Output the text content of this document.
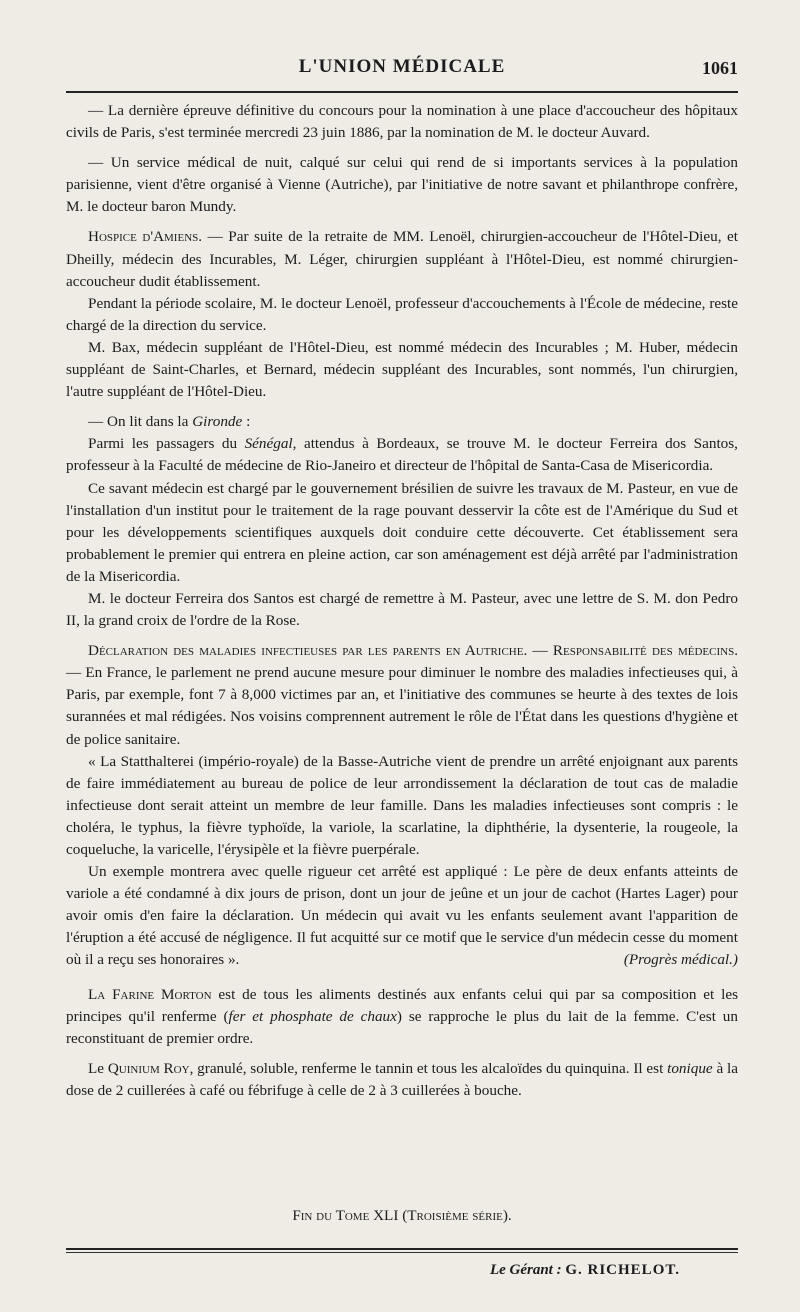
L'UNION MÉDICALE	1061

— La dernière épreuve définitive du concours pour la nomination à une place d'accoucheur des hôpitaux civils de Paris, s'est terminée mercredi 23 juin 1886, par la nomination de M. le docteur Auvard.

— Un service médical de nuit, calqué sur celui qui rend de si importants services à la population parisienne, vient d'être organisé à Vienne (Autriche), par l'initiative de notre savant et philanthrope confrère, M. le docteur baron Mundy.

Hospice d'Amiens. — Par suite de la retraite de MM. Lenoël, chirurgien-accoucheur de l'Hôtel-Dieu, et Dheilly, médecin des Incurables, M. Léger, chirurgien suppléant à l'Hôtel-Dieu, est nommé chirurgien-accoucheur dudit établissement.

Pendant la période scolaire, M. le docteur Lenoël, professeur d'accouchements à l'École de médecine, reste chargé de la direction du service.

M. Bax, médecin suppléant de l'Hôtel-Dieu, est nommé médecin des Incurables ; M. Huber, médecin suppléant de Saint-Charles, et Bernard, médecin suppléant des Incurables, sont nommés, l'un chirurgien, l'autre suppléant de l'Hôtel-Dieu.

— On lit dans la Gironde :

Parmi les passagers du Sénégal, attendus à Bordeaux, se trouve M. le docteur Ferreira dos Santos, professeur à la Faculté de médecine de Rio-Janeiro et directeur de l'hôpital de Santa-Casa de Misericordia.

Ce savant médecin est chargé par le gouvernement brésilien de suivre les travaux de M. Pasteur, en vue de l'installation d'un institut pour le traitement de la rage pouvant desservir la côte est de l'Amérique du Sud et pour les développements scientifiques auxquels doit conduire cette découverte. Cet établissement sera probablement le premier qui entrera en pleine action, car son aménagement est déjà arrêté par l'administration de la Misericordia.

M. le docteur Ferreira dos Santos est chargé de remettre à M. Pasteur, avec une lettre de S. M. don Pedro II, la grand croix de l'ordre de la Rose.

Déclaration des maladies infectieuses par les parents en Autriche. — Responsabilité des médecins. — En France, le parlement ne prend aucune mesure pour diminuer le nombre des maladies infectieuses qui, à Paris, par exemple, font 7 à 8,000 victimes par an, et l'initiative des communes se heurte à des textes de lois surannées et mal rédigées. Nos voisins comprennent autrement le rôle de l'État dans les questions d'hygiène et de police sanitaire.

« La Statthalterei (império-royale) de la Basse-Autriche vient de prendre un arrêté enjoignant aux parents de faire immédiatement au bureau de police de leur arrondissement la déclaration de tout cas de maladie infectieuse dont serait atteint un membre de leur famille. Dans les maladies infectieuses sont compris : le choléra, le typhus, la fièvre typhoïde, la variole, la scarlatine, la diphthérie, la dysenterie, la rougeole, la coqueluche, la varicelle, l'érysipèle et la fièvre puerpérale.

Un exemple montrera avec quelle rigueur cet arrêté est appliqué : Le père de deux enfants atteints de variole a été condamné à dix jours de prison, dont un jour de jeûne et un jour de cachot (Hartes Lager) pour avoir omis d'en faire la déclaration. Un médecin qui avait vu les enfants seulement avant l'apparition de l'éruption a été accusé de négligence. Il fut acquitté sur ce motif que le service d'un médecin cesse du moment où il a reçu ses honoraires ».	(Progrès médical.)

La Farine Morton est de tous les aliments destinés aux enfants celui qui par sa composition et les principes qu'il renferme (fer et phosphate de chaux) se rapproche le plus du lait de la femme. C'est un reconstituant de premier ordre.

Le Quinium Roy, granulé, soluble, renferme le tannin et tous les alcaloïdes du quinquina. Il est tonique à la dose de 2 cuillerées à café ou fébrifuge à celle de 2 à 3 cuillerées à bouche.

Fin du Tome XLI (Troisième série).
Le Gérant : G. RICHELOT.
